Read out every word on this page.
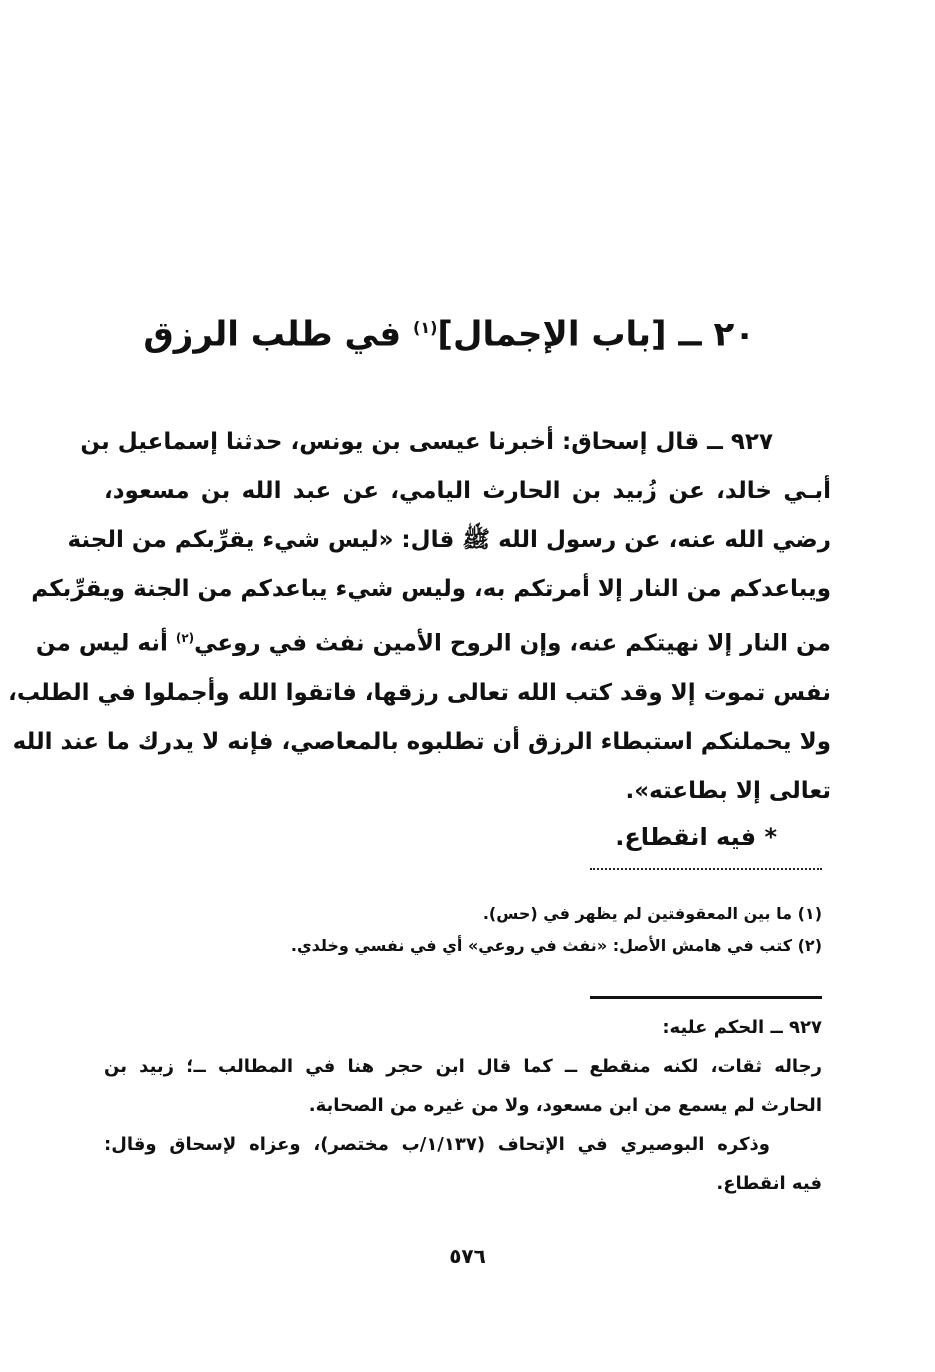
٢٠ ــ [باب الإجمال]$^{(١)}$ في طلب الرزق
٩٢٧ ــ قال إسحاق: أخبرنا عيسى بن يونس، حدثنا إسماعيل بن
أبـي خالد، عن زُبيد بن الحارث اليامي، عن عبد الله بن مسعود،
رضي الله عنه، عن رسول الله ﷺ قال: «ليس شيء يقرِّبكم من الجنة
ويباعدكم من النار إلا أمرتكم به، وليس شيء يباعدكم من الجنة ويقرِّبكم
من النار إلا نهيتكم عنه، وإن الروح الأمين نفث في روعي$^{(٢)}$ أنه ليس من
نفس تموت إلا وقد كتب الله تعالى رزقها، فاتقوا الله وأجملوا في الطلب،
ولا يحملنكم استبطاء الرزق أن تطلبوه بالمعاصي، فإنه لا يدرك ما عند الله
تعالى إلا بطاعته».
* فيه انقطاع.
(١) ما بين المعقوفتين لم يظهر في (حس).
(٢) كتب في هامش الأصل: «نفث في روعي» أي في نفسي وخلدي.
٩٢٧ ــ الحكم عليه:
رجاله ثقات، لكنه منقطع ــ كما قال ابن حجر هنا في المطالب ــ؛ زبيد بن
الحارث لم يسمع من ابن مسعود، ولا من غيره من الصحابة.
وذكره البوصيري في الإتحاف (١/١٣٧/ب مختصر)، وعزاه لإسحاق وقال:
فيه انقطاع.
٥٧٦
